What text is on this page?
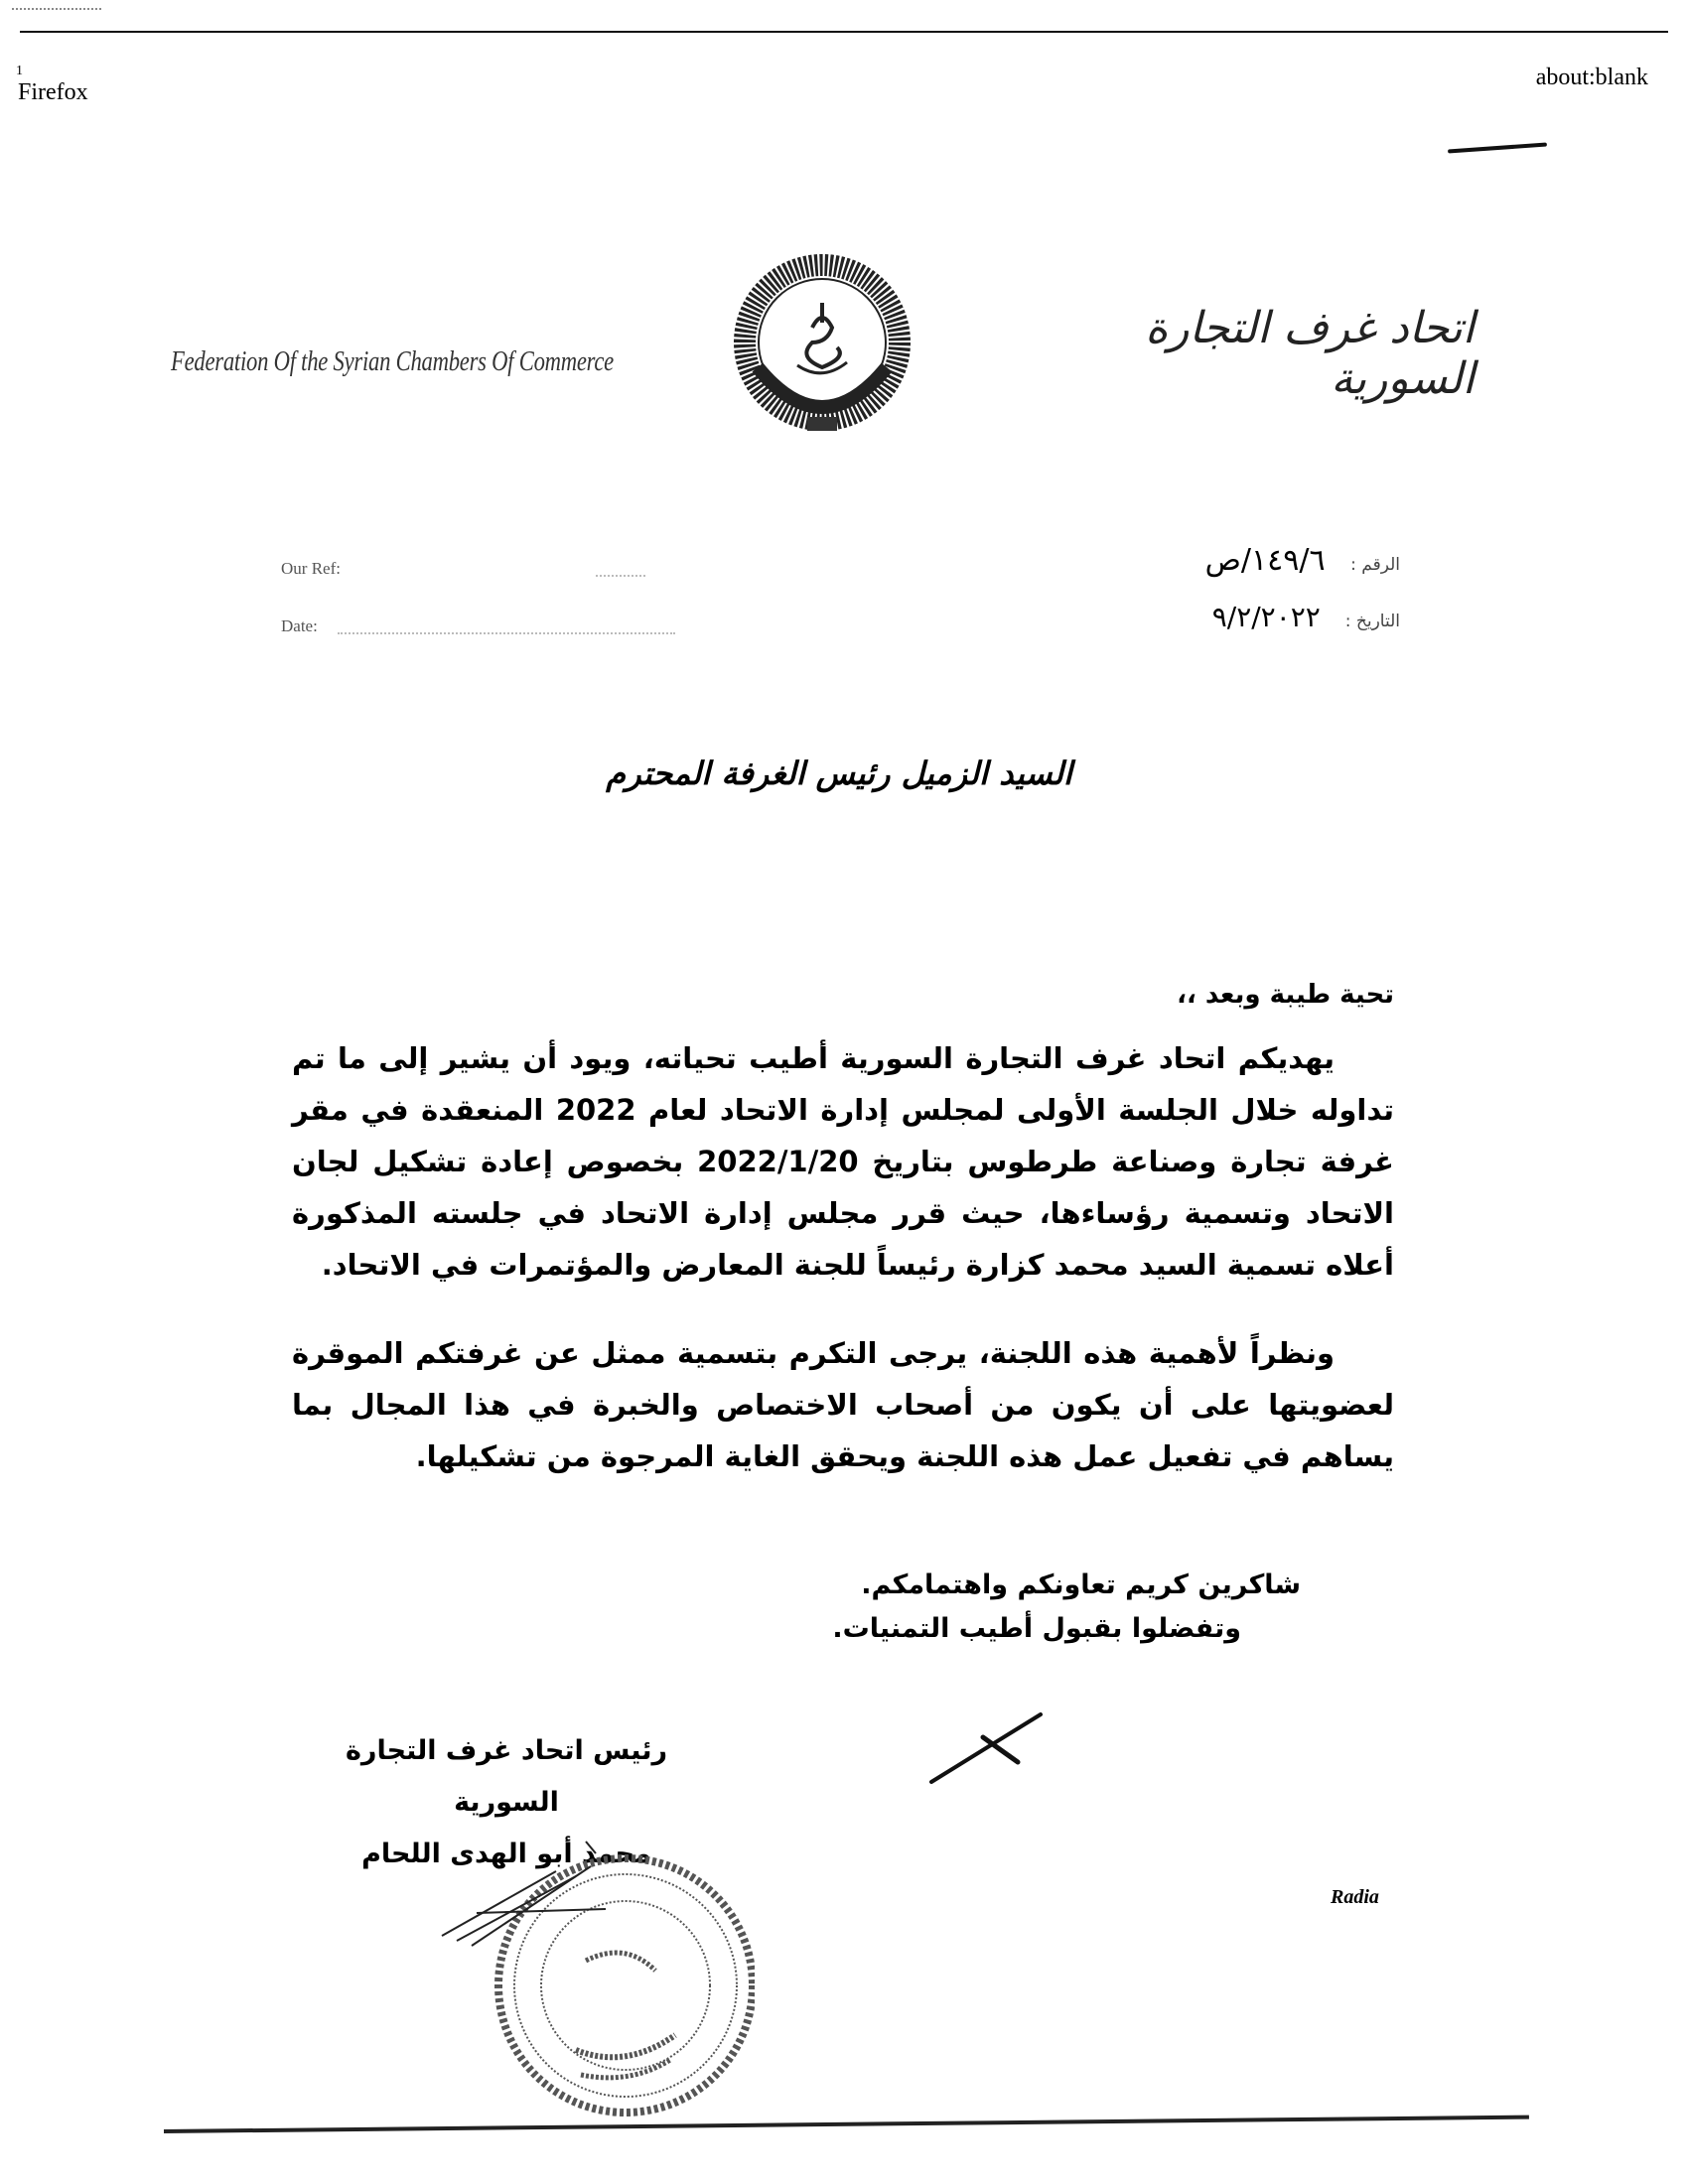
1
Firefox
about:blank
Federation Of the Syrian Chambers Of Commerce
اتحاد غرف التجارة السورية
Our Ref:
Date:
الرقم : ١٤٩/٦/ص
التاريخ : ٩/٢/٢٠٢٢
السيد الزميل رئيس الغرفة المحترم
تحية طيبة وبعد ،،
يهديكم اتحاد غرف التجارة السورية أطيب تحياته، ويود أن يشير إلى ما تم تداوله خلال الجلسة الأولى لمجلس إدارة الاتحاد لعام 2022 المنعقدة في مقر غرفة تجارة وصناعة طرطوس بتاريخ 2022/1/20 بخصوص إعادة تشكيل لجان الاتحاد وتسمية رؤساءها، حيث قرر مجلس إدارة الاتحاد في جلسته المذكورة أعلاه تسمية السيد محمد كزارة رئيساً للجنة المعارض والمؤتمرات في الاتحاد.
ونظراً لأهمية هذه اللجنة، يرجى التكرم بتسمية ممثل عن غرفتكم الموقرة لعضويتها على أن يكون من أصحاب الاختصاص والخبرة في هذا المجال بما يساهم في تفعيل عمل هذه اللجنة ويحقق الغاية المرجوة من تشكيلها.
شاكرين كريم تعاونكم واهتمامكم.
وتفضلوا بقبول أطيب التمنيات.
رئيس اتحاد غرف التجارة السورية
محمد أبو الهدى اللحام
Radia
